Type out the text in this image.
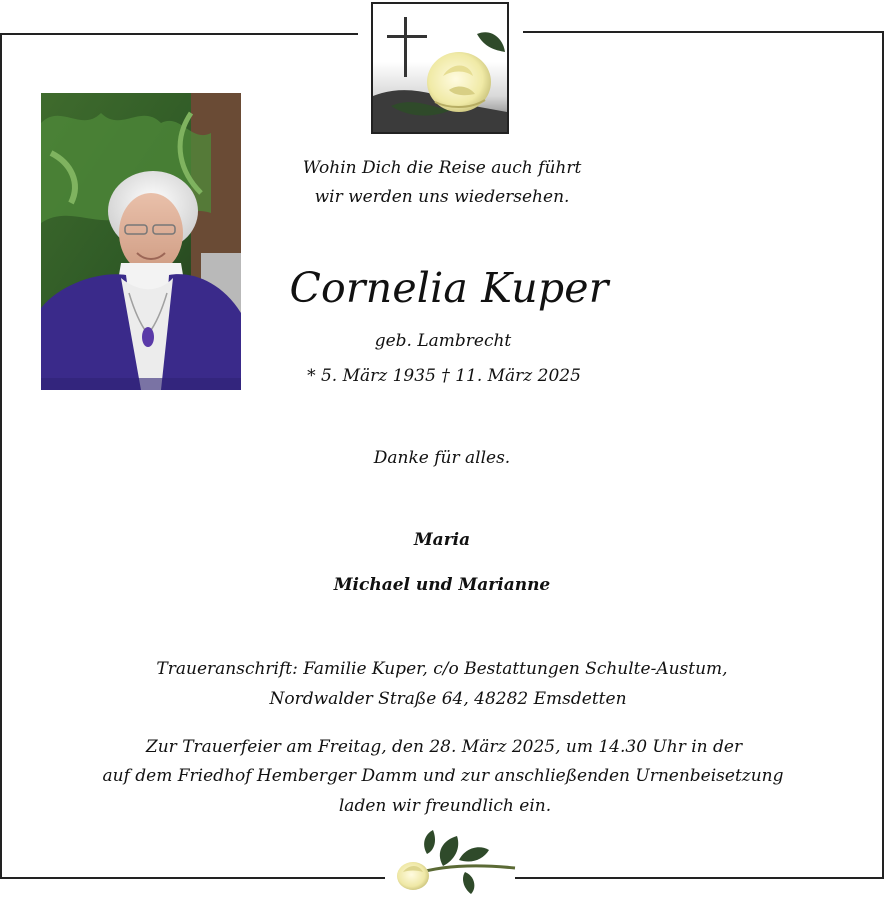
Wohin Dich die Reise auch führt
wir werden uns wiedersehen.
Cornelia Kuper
geb. Lambrecht
* 5. März 1935 † 11. März 2025
Danke für alles.
Maria
Michael und Marianne
Traueranschrift: Familie Kuper, c/o Bestattungen Schulte-Austum,
Nordwalder Straße 64, 48282 Emsdetten
Zur Trauerfeier am Freitag, den 28. März 2025, um 14.30 Uhr in der
auf dem Friedhof Hemberger Damm und zur anschließenden Urnenbeisetzung
laden wir freundlich ein.
